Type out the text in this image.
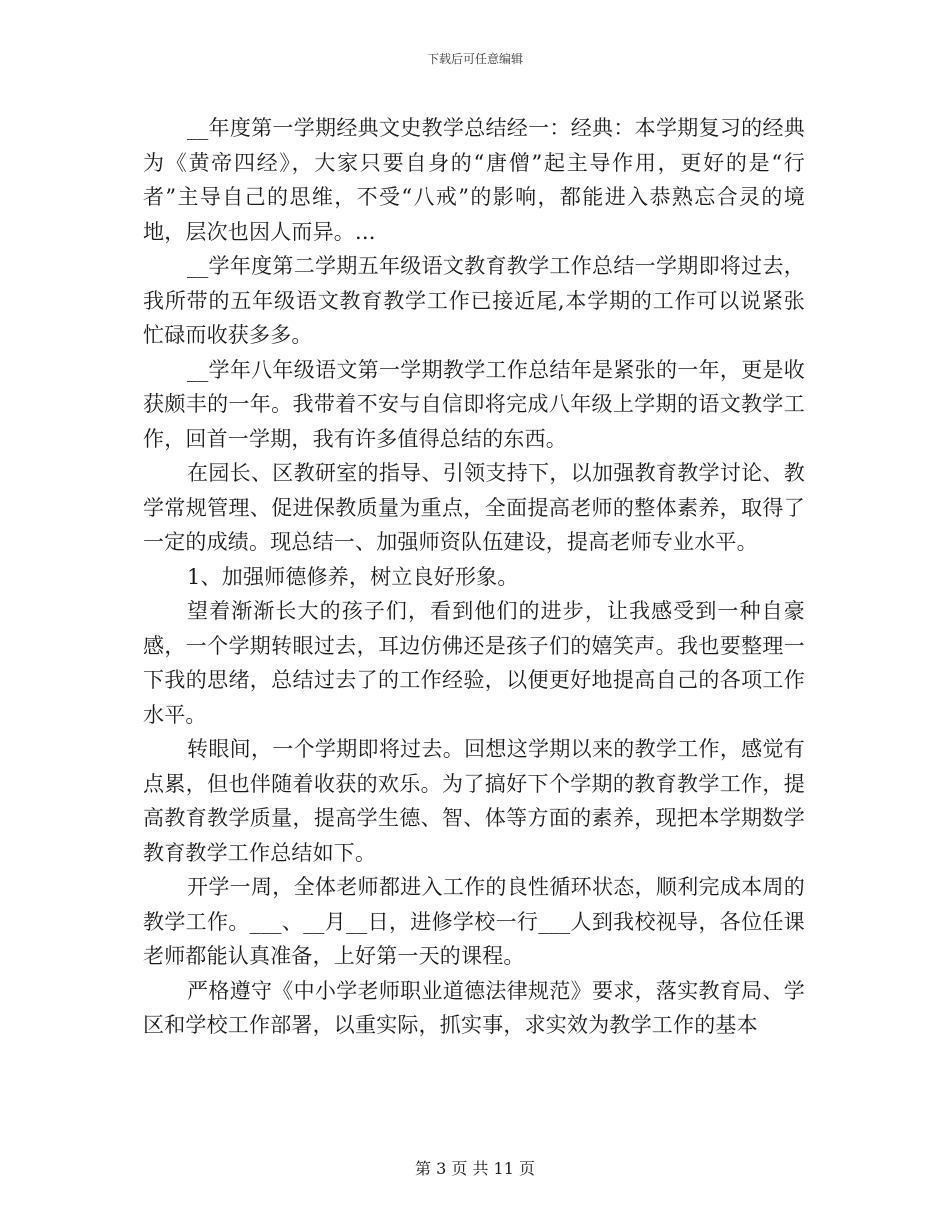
下载后可任意编辑

__年度第一学期经典文史教学总结经一：经典：本学期复习的经典为《黄帝四经》，大家只要自身的“唐僧”起主导作用，更好的是“行者”主导自己的思维，不受“八戒”的影响，都能进入恭熟忘合灵的境地，层次也因人而异。...

__学年度第二学期五年级语文教育教学工作总结一学期即将过去，我所带的五年级语文教育教学工作已接近尾,本学期的工作可以说紧张忙碌而收获多多。

__学年八年级语文第一学期教学工作总结年是紧张的一年，更是收获颇丰的一年。我带着不安与自信即将完成八年级上学期的语文教学工作，回首一学期，我有许多值得总结的东西。

在园长、区教研室的指导、引领支持下，以加强教育教学讨论、教学常规管理、促进保教质量为重点，全面提高老师的整体素养，取得了一定的成绩。现总结一、加强师资队伍建设，提高老师专业水平。

1、加强师德修养，树立良好形象。

望着渐渐长大的孩子们，看到他们的进步，让我感受到一种自豪感，一个学期转眼过去，耳边仿佛还是孩子们的嬉笑声。我也要整理一下我的思绪，总结过去了的工作经验，以便更好地提高自己的各项工作水平。

转眼间，一个学期即将过去。回想这学期以来的教学工作，感觉有点累，但也伴随着收获的欢乐。为了搞好下个学期的教育教学工作，提高教育教学质量，提高学生德、智、体等方面的素养，现把本学期数学教育教学工作总结如下。

开学一周，全体老师都进入工作的良性循环状态，顺利完成本周的教学工作。___、__月__日，进修学校一行___人到我校视导，各位任课老师都能认真准备，上好第一天的课程。

严格遵守《中小学老师职业道德法律规范》要求，落实教育局、学区和学校工作部署，以重实际，抓实事，求实效为教学工作的基本

第 3 页 共 11 页
